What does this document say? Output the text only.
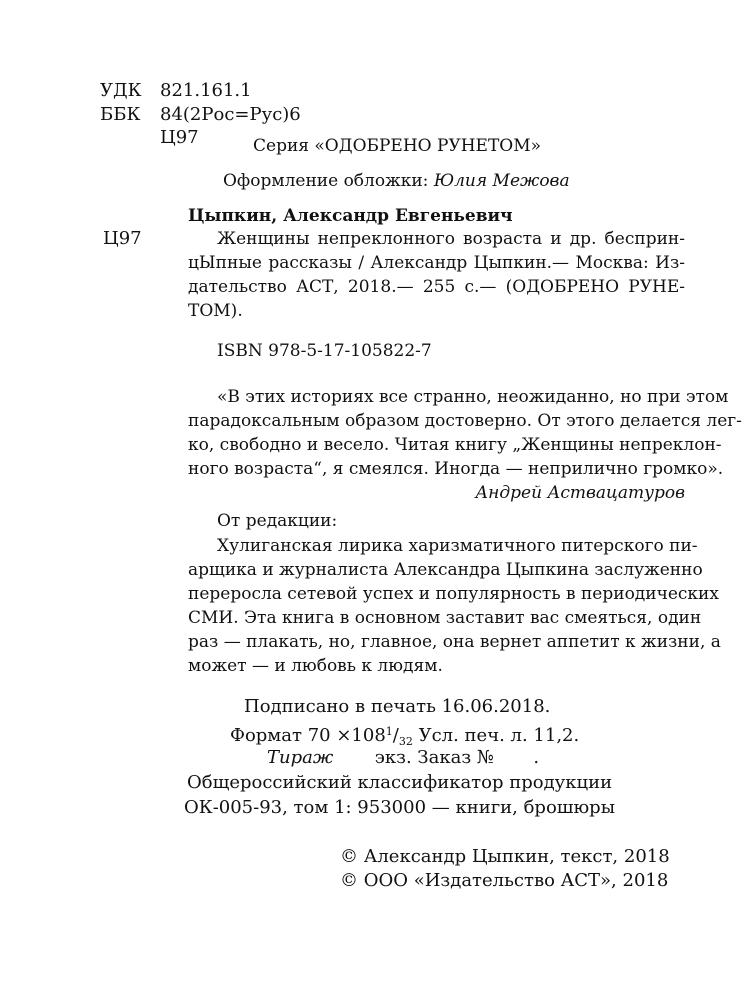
УДК 821.161.1
ББК 84(2Рос=Рус)6
Ц97	Серия «ОДОБРЕНО РУНЕТОМ»
Оформление обложки: Юлия Межова
Цыпкин, Александр Евгеньевич
Ц97	Женщины непреклонного возраста и др. бесприн-
цЫпные рассказы / Александр Цыпкин.— Москва: Из-
дательство АСТ, 2018.— 255 с.— (ОДОБРЕНО РУНЕ-
ТОМ).
ISBN 978-5-17-105822-7
«В этих историях все странно, неожиданно, но при этом
парадоксальным образом достоверно. От этого делается лег-
ко, свободно и весело. Читая книгу „Женщины непреклон-
ного возраста“, я смеялся. Иногда — неприлично громко».
Андрей Аствацатуров
От редакции:
Хулиганская лирика харизматичного питерского пи-
арщика и журналиста Александра Цыпкина заслуженно
переросла сетевой успех и популярность в периодических
СМИ. Эта книга в основном заставит вас смеяться, один
раз — плакать, но, главное, она вернет аппетит к жизни, а
может — и любовь к людям.
Подписано в печать 16.06.2018.
Формат $70 \times 108^1/_{32}$ Усл. печ. л. 11,2.
Тираж экз. Заказ № .
Общероссийский классификатор продукции
ОК-005-93, том 1: 953000 — книги, брошюры
© Александр Цыпкин, текст, 2018
© ООО «Издательство АСТ», 2018
